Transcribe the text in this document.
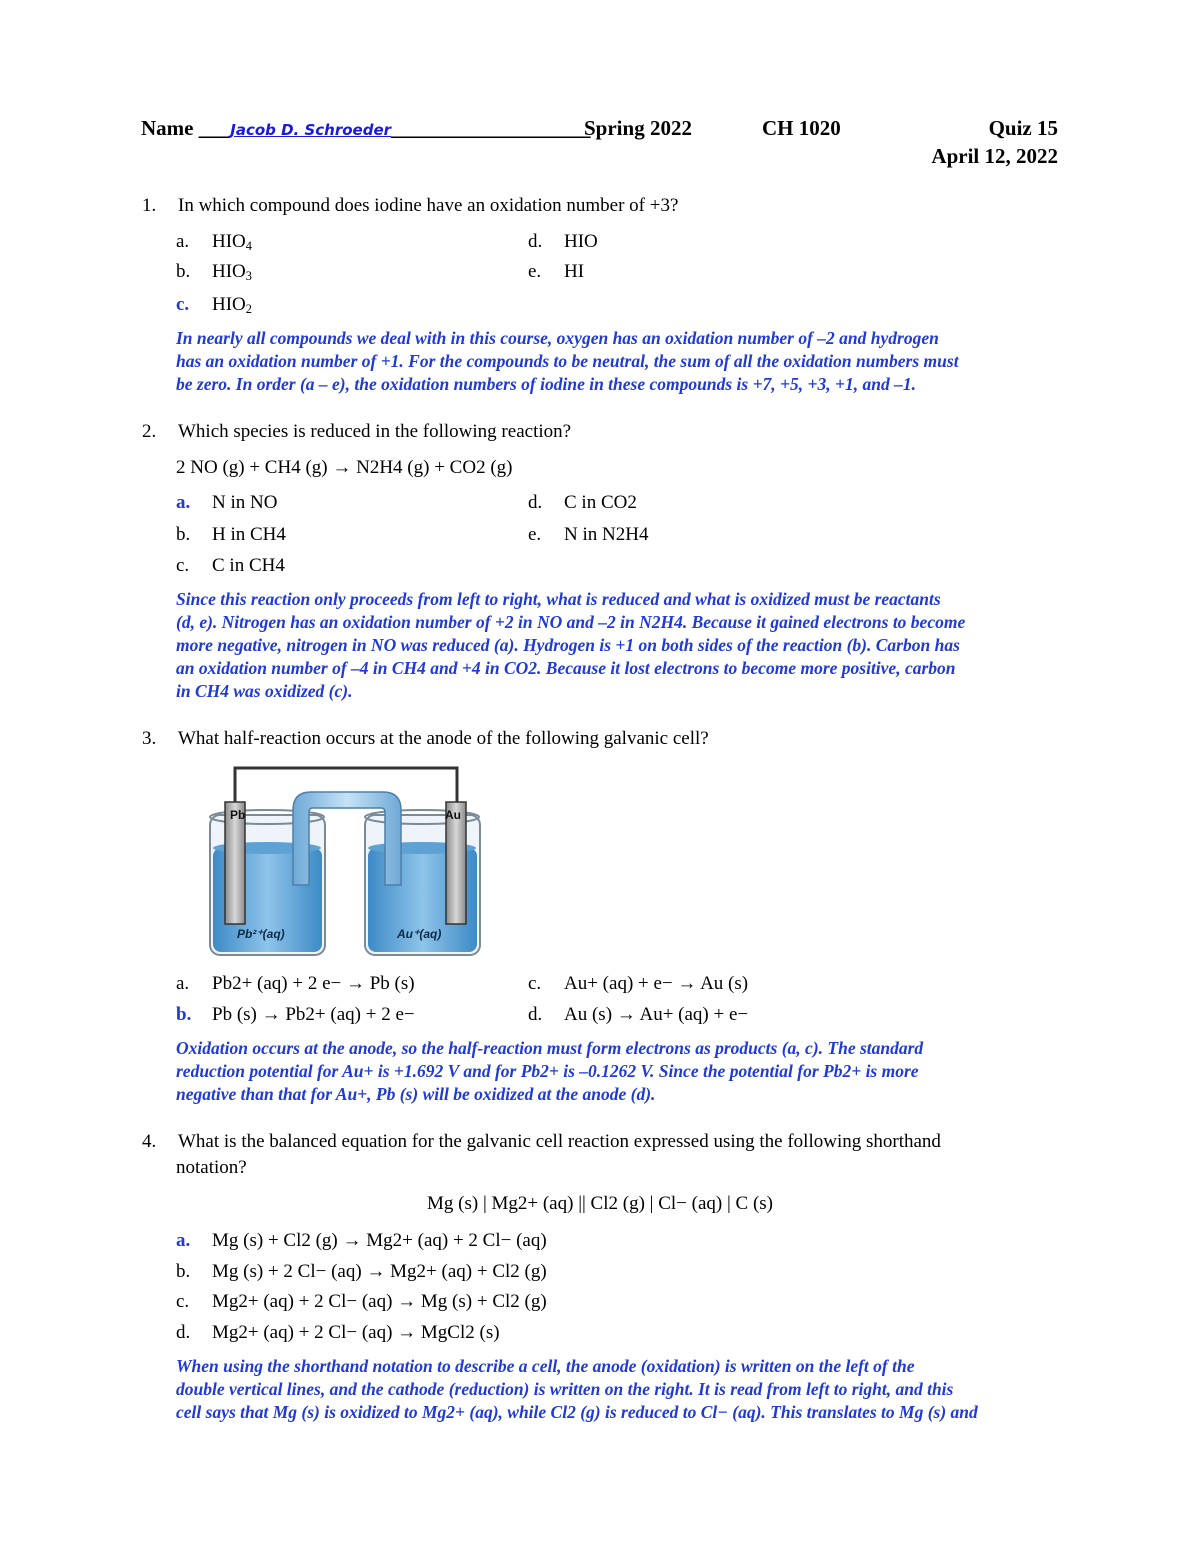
Name ___Jacob D. Schroeder___________________
Spring 2022	CH 1020	Quiz 15
April 12, 2022
1. In which compound does iodine have an oxidation number of +3?
a. $HIO_4$
b. $HIO_3$
c. $HIO_2$
d. HIO
e. HI
In nearly all compounds we deal with in this course, oxygen has an oxidation number of –2 and hydrogen
has an oxidation number of +1. For the compounds to be neutral, the sum of all the oxidation numbers must
be zero. In order (a – e), the oxidation numbers of iodine in these compounds is +7, +5, +3, +1, and –1.
2. Which species is reduced in the following reaction?
2 NO (g) + CH4 (g) → N2H4 (g) + CO2 (g)
a. N in NO
b. H in CH4
c. C in CH4
d. C in CO2
e. N in N2H4
Since this reaction only proceeds from left to right, what is reduced and what is oxidized must be reactants
(d, e). Nitrogen has an oxidation number of +2 in NO and –2 in N2H4. Because it gained electrons to become
more negative, nitrogen in NO was reduced (a). Hydrogen is +1 on both sides of the reaction (b). Carbon has
an oxidation number of –4 in CH4 and +4 in CO2. Because it lost electrons to become more positive, carbon
in CH4 was oxidized (c).
3. What half-reaction occurs at the anode of the following galvanic cell?
Pb	Au
Pb²⁺(aq)	Au⁺(aq)
a. Pb2+ (aq) + 2 e− → Pb (s)
b. Pb (s) → Pb2+ (aq) + 2 e−
c. Au+ (aq) + e− → Au (s)
d. Au (s) → Au+ (aq) + e−
Oxidation occurs at the anode, so the half-reaction must form electrons as products (a, c). The standard
reduction potential for Au+ is +1.692 V and for Pb2+ is –0.1262 V. Since the potential for Pb2+ is more
negative than that for Au+, Pb (s) will be oxidized at the anode (d).
4. What is the balanced equation for the galvanic cell reaction expressed using the following shorthand
notation?
Mg (s) | Mg2+ (aq) || Cl2 (g) | Cl− (aq) | C (s)
a. Mg (s) + Cl2 (g) → Mg2+ (aq) + 2 Cl− (aq)
b. Mg (s) + 2 Cl− (aq) → Mg2+ (aq) + Cl2 (g)
c. Mg2+ (aq) + 2 Cl− (aq) → Mg (s) + Cl2 (g)
d. Mg2+ (aq) + 2 Cl− (aq) → MgCl2 (s)
When using the shorthand notation to describe a cell, the anode (oxidation) is written on the left of the
double vertical lines, and the cathode (reduction) is written on the right. It is read from left to right, and this
cell says that Mg (s) is oxidized to Mg2+ (aq), while Cl2 (g) is reduced to Cl− (aq). This translates to Mg (s) and
